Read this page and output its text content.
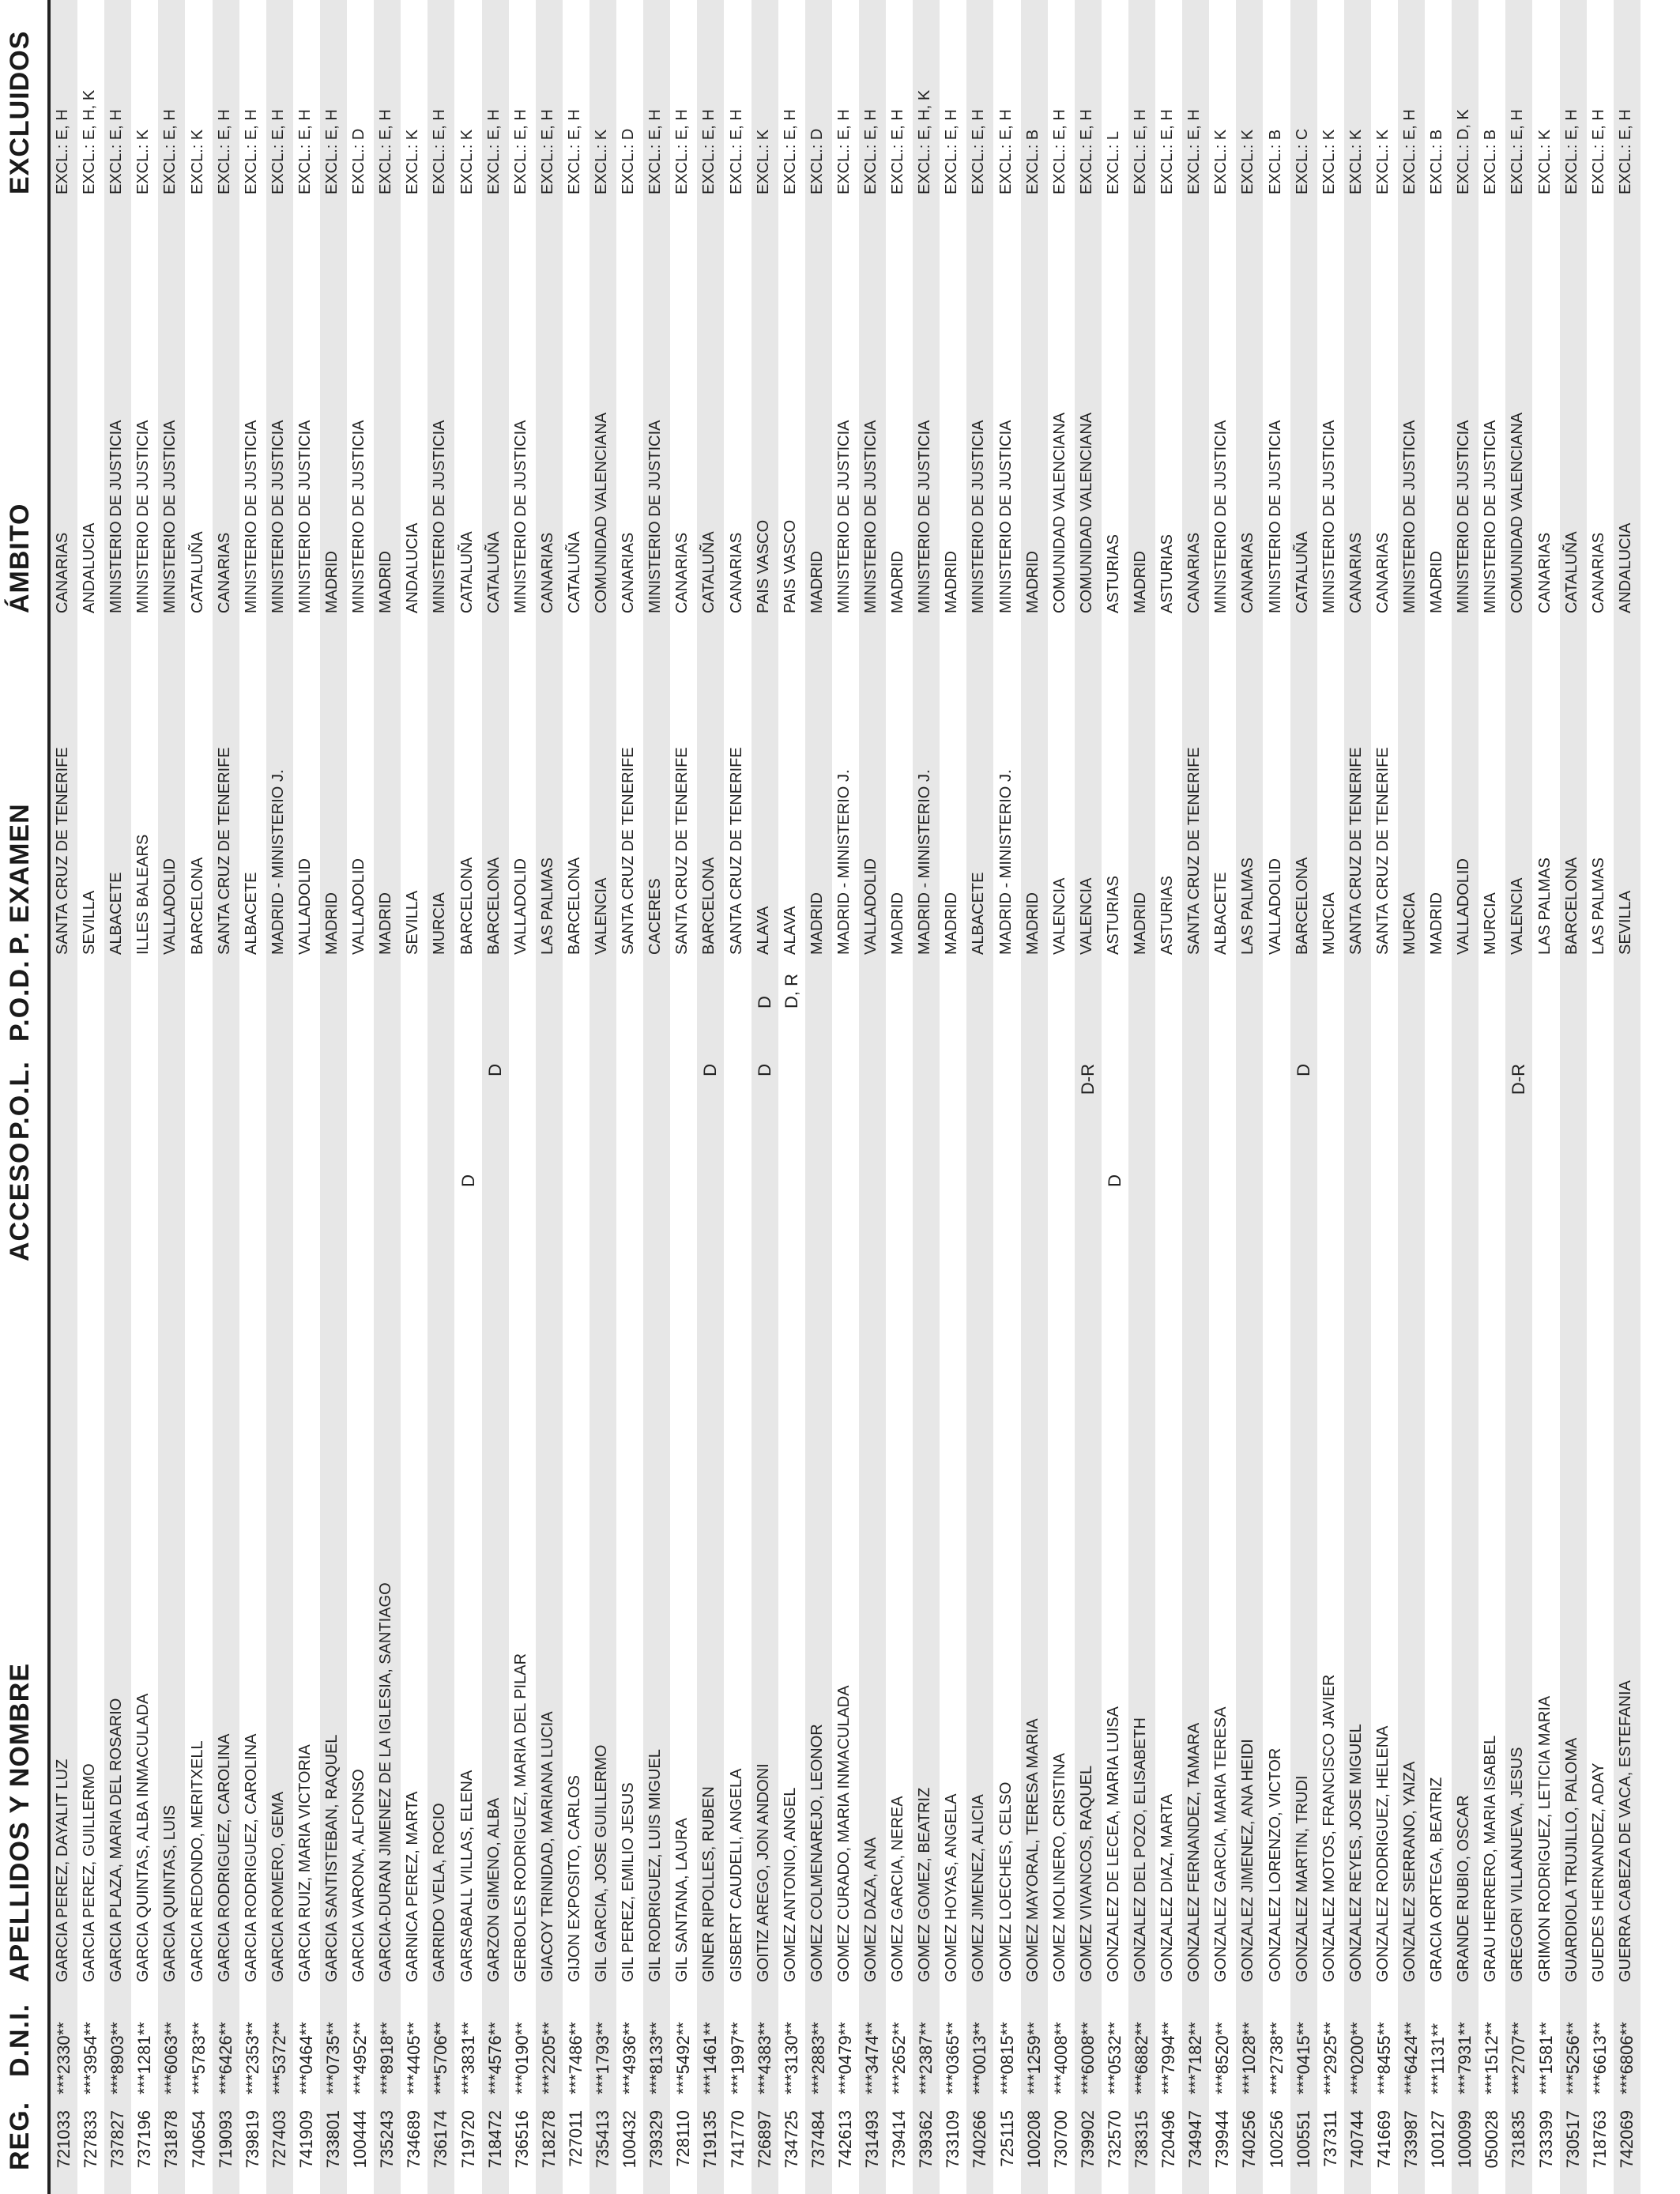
REG.
D.N.I.
APELLIDOS Y NOMBRE
ACCESO
P.O.L.
P.O.D.
P. EXAMEN
ÁMBITO
EXCLUIDOS
721033
***2330**
GARCIA PEREZ, DAYALIT LUZ
SANTA CRUZ DE TENERIFE
CANARIAS
EXCL.: E, H
727833
***3954**
GARCIA PEREZ, GUILLERMO
SEVILLA
ANDALUCIA
EXCL.: E, H, K
737827
***8903**
GARCIA PLAZA, MARIA DEL ROSARIO
ALBACETE
MINISTERIO DE JUSTICIA
EXCL.: E, H
737196
***1281**
GARCIA QUINTAS, ALBA INMACULADA
ILLES BALEARS
MINISTERIO DE JUSTICIA
EXCL.: K
731878
***6063**
GARCIA QUINTAS, LUIS
VALLADOLID
MINISTERIO DE JUSTICIA
EXCL.: E, H
740654
***5783**
GARCIA REDONDO, MERITXELL
BARCELONA
CATALUÑA
EXCL.: K
719093
***6426**
GARCIA RODRIGUEZ, CAROLINA
SANTA CRUZ DE TENERIFE
CANARIAS
EXCL.: E, H
739819
***2353**
GARCIA RODRIGUEZ, CAROLINA
ALBACETE
MINISTERIO DE JUSTICIA
EXCL.: E, H
727403
***5372**
GARCIA ROMERO, GEMA
MADRID - MINISTERIO J.
MINISTERIO DE JUSTICIA
EXCL.: E, H
741909
***0464**
GARCIA RUIZ, MARIA VICTORIA
VALLADOLID
MINISTERIO DE JUSTICIA
EXCL.: E, H
733801
***0735**
GARCIA SANTISTEBAN, RAQUEL
MADRID
MADRID
EXCL.: E, H
100444
***4952**
GARCIA VARONA, ALFONSO
VALLADOLID
MINISTERIO DE JUSTICIA
EXCL.: D
735243
***8918**
GARCIA-DURAN JIMENEZ DE LA IGLESIA, SANTIAGO
MADRID
MADRID
EXCL.: E, H
734689
***4405**
GARNICA PEREZ, MARTA
SEVILLA
ANDALUCIA
EXCL.: K
736174
***5706**
GARRIDO VELA, ROCIO
MURCIA
MINISTERIO DE JUSTICIA
EXCL.: E, H
719720
***3831**
GARSABALL VILLAS, ELENA
D
BARCELONA
CATALUÑA
EXCL.: K
718472
***4576**
GARZON GIMENO, ALBA
D
BARCELONA
CATALUÑA
EXCL.: E, H
736516
***0190**
GERBOLES RODRIGUEZ, MARIA DEL PILAR
VALLADOLID
MINISTERIO DE JUSTICIA
EXCL.: E, H
718278
***2205**
GIACOY TRINIDAD, MARIANA LUCIA
LAS PALMAS
CANARIAS
EXCL.: E, H
727011
***7486**
GIJON EXPOSITO, CARLOS
BARCELONA
CATALUÑA
EXCL.: E, H
735413
***1793**
GIL GARCIA, JOSE GUILLERMO
VALENCIA
COMUNIDAD VALENCIANA
EXCL.: K
100432
***4936**
GIL PEREZ, EMILIO JESUS
SANTA CRUZ DE TENERIFE
CANARIAS
EXCL.: D
739329
***8133**
GIL RODRIGUEZ, LUIS MIGUEL
CACERES
MINISTERIO DE JUSTICIA
EXCL.: E, H
728110
***5492**
GIL SANTANA, LAURA
SANTA CRUZ DE TENERIFE
CANARIAS
EXCL.: E, H
719135
***1461**
GINER RIPOLLES, RUBEN
D
BARCELONA
CATALUÑA
EXCL.: E, H
741770
***1997**
GISBERT CAUDELI, ANGELA
SANTA CRUZ DE TENERIFE
CANARIAS
EXCL.: E, H
726897
***4383**
GOITIZ AREGO, JON ANDONI
D
D
ALAVA
PAIS VASCO
EXCL.: K
734725
***3130**
GOMEZ ANTONIO, ANGEL
D, R
ALAVA
PAIS VASCO
EXCL.: E, H
737484
***2883**
GOMEZ COLMENAREJO, LEONOR
MADRID
MADRID
EXCL.: D
742613
***0479**
GOMEZ CURADO, MARIA INMACULADA
MADRID - MINISTERIO J.
MINISTERIO DE JUSTICIA
EXCL.: E, H
731493
***3474**
GOMEZ DAZA, ANA
VALLADOLID
MINISTERIO DE JUSTICIA
EXCL.: E, H
739414
***2652**
GOMEZ GARCIA, NEREA
MADRID
MADRID
EXCL.: E, H
739362
***2387**
GOMEZ GOMEZ, BEATRIZ
MADRID - MINISTERIO J.
MINISTERIO DE JUSTICIA
EXCL.: E, H, K
733109
***0365**
GOMEZ HOYAS, ANGELA
MADRID
MADRID
EXCL.: E, H
740266
***0013**
GOMEZ JIMENEZ, ALICIA
ALBACETE
MINISTERIO DE JUSTICIA
EXCL.: E, H
725115
***0815**
GOMEZ LOECHES, CELSO
MADRID - MINISTERIO J.
MINISTERIO DE JUSTICIA
EXCL.: E, H
100208
***1259**
GOMEZ MAYORAL, TERESA MARIA
MADRID
MADRID
EXCL.: B
730700
***4008**
GOMEZ MOLINERO, CRISTINA
VALENCIA
COMUNIDAD VALENCIANA
EXCL.: E, H
739902
***6008**
GOMEZ VIVANCOS, RAQUEL
D-R
VALENCIA
COMUNIDAD VALENCIANA
EXCL.: E, H
732570
***0532**
GONZALEZ DE LECEA, MARIA LUISA
D
ASTURIAS
ASTURIAS
EXCL.: L
738315
***6882**
GONZALEZ DEL POZO, ELISABETH
MADRID
MADRID
EXCL.: E, H
720496
***7994**
GONZALEZ DIAZ, MARTA
ASTURIAS
ASTURIAS
EXCL.: E, H
734947
***7182**
GONZALEZ FERNANDEZ, TAMARA
SANTA CRUZ DE TENERIFE
CANARIAS
EXCL.: E, H
739944
***8520**
GONZALEZ GARCIA, MARIA TERESA
ALBACETE
MINISTERIO DE JUSTICIA
EXCL.: K
740256
***1028**
GONZALEZ JIMENEZ, ANA HEIDI
LAS PALMAS
CANARIAS
EXCL.: K
100256
***2738**
GONZALEZ LORENZO, VICTOR
VALLADOLID
MINISTERIO DE JUSTICIA
EXCL.: B
100551
***0415**
GONZALEZ MARTIN, TRUDI
D
BARCELONA
CATALUÑA
EXCL.: C
737311
***2925**
GONZALEZ MOTOS, FRANCISCO JAVIER
MURCIA
MINISTERIO DE JUSTICIA
EXCL.: K
740744
***0200**
GONZALEZ REYES, JOSE MIGUEL
SANTA CRUZ DE TENERIFE
CANARIAS
EXCL.: K
741669
***8455**
GONZALEZ RODRIGUEZ, HELENA
SANTA CRUZ DE TENERIFE
CANARIAS
EXCL.: K
733987
***6424**
GONZALEZ SERRANO, YAIZA
MURCIA
MINISTERIO DE JUSTICIA
EXCL.: E, H
100127
***1131**
GRACIA ORTEGA, BEATRIZ
MADRID
MADRID
EXCL.: B
100099
***7931**
GRANDE RUBIO, OSCAR
VALLADOLID
MINISTERIO DE JUSTICIA
EXCL.: D, K
050028
***1512**
GRAU HERRERO, MARIA ISABEL
MURCIA
MINISTERIO DE JUSTICIA
EXCL.: B
731835
***2707**
GREGORI VILLANUEVA, JESUS
D-R
VALENCIA
COMUNIDAD VALENCIANA
EXCL.: E, H
733399
***1581**
GRIMON RODRIGUEZ, LETICIA MARIA
LAS PALMAS
CANARIAS
EXCL.: K
730517
***5256**
GUARDIOLA TRUJILLO, PALOMA
BARCELONA
CATALUÑA
EXCL.: E, H
718763
***6613**
GUEDES HERNANDEZ, ADAY
LAS PALMAS
CANARIAS
EXCL.: E, H
742069
***6806**
GUERRA CABEZA DE VACA, ESTEFANIA
SEVILLA
ANDALUCIA
EXCL.: E, H
